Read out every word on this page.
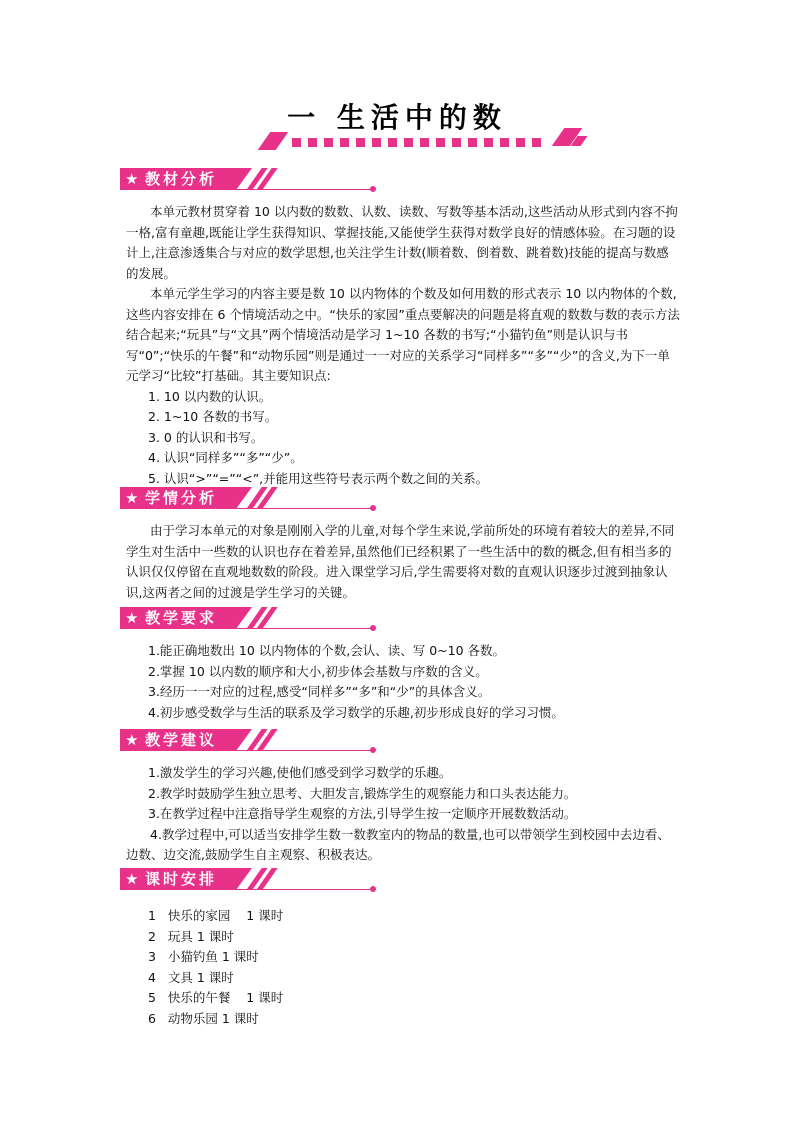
一 生活中的数
★ 教材分析

本单元教材贯穿着 10 以内数的数数、认数、读数、写数等基本活动,这些活动从形式到内容不拘一格,富有童趣,既能让学生获得知识、掌握技能,又能使学生获得对数学良好的情感体验。在习题的设计上,注意渗透集合与对应的数学思想,也关注学生计数(顺着数、倒着数、跳着数)技能的提高与数感的发展。

本单元学生学习的内容主要是数 10 以内物体的个数及如何用数的形式表示 10 以内物体的个数,这些内容安排在 6 个情境活动之中。“快乐的家园”重点要解决的问题是将直观的数数与数的表示方法结合起来;“玩具”与“文具”两个情境活动是学习 1~10 各数的书写;“小猫钓鱼”则是认识与书写“0”;“快乐的午餐”和“动物乐园”则是通过一一对应的关系学习“同样多”“多”“少”的含义,为下一单元学习“比较”打基础。其主要知识点:

1. 10 以内数的认识。

2. 1~10 各数的书写。

3. 0 的认识和书写。

4. 认识“同样多”“多”“少”。

5. 认识“>”“=”“<”,并能用这些符号表示两个数之间的关系。

★ 学情分析

由于学习本单元的对象是刚刚入学的儿童,对每个学生来说,学前所处的环境有着较大的差异,不同学生对生活中一些数的认识也存在着差异,虽然他们已经积累了一些生活中的数的概念,但有相当多的认识仅仅停留在直观地数数的阶段。进入课堂学习后,学生需要将对数的直观认识逐步过渡到抽象认识,这两者之间的过渡是学生学习的关键。

★ 教学要求

1.能正确地数出 10 以内物体的个数,会认、读、写 0~10 各数。

2.掌握 10 以内数的顺序和大小,初步体会基数与序数的含义。

3.经历一一对应的过程,感受“同样多”“多”和“少”的具体含义。

4.初步感受数学与生活的联系及学习数学的乐趣,初步形成良好的学习习惯。

★ 教学建议

1.激发学生的学习兴趣,使他们感受到学习数学的乐趣。

2.教学时鼓励学生独立思考、大胆发言,锻炼学生的观察能力和口头表达能力。

3.在教学过程中注意指导学生观察的方法,引导学生按一定顺序开展数数活动。

4.教学过程中,可以适当安排学生数一数教室内的物品的数量,也可以带领学生到校园中去边看、边数、边交流,鼓励学生自主观察、积极表达。

★ 课时安排

1 快乐的家园 1 课时

2 玩具 1 课时

3 小猫钓鱼 1 课时

4 文具 1 课时

5 快乐的午餐 1 课时

6 动物乐园 1 课时
